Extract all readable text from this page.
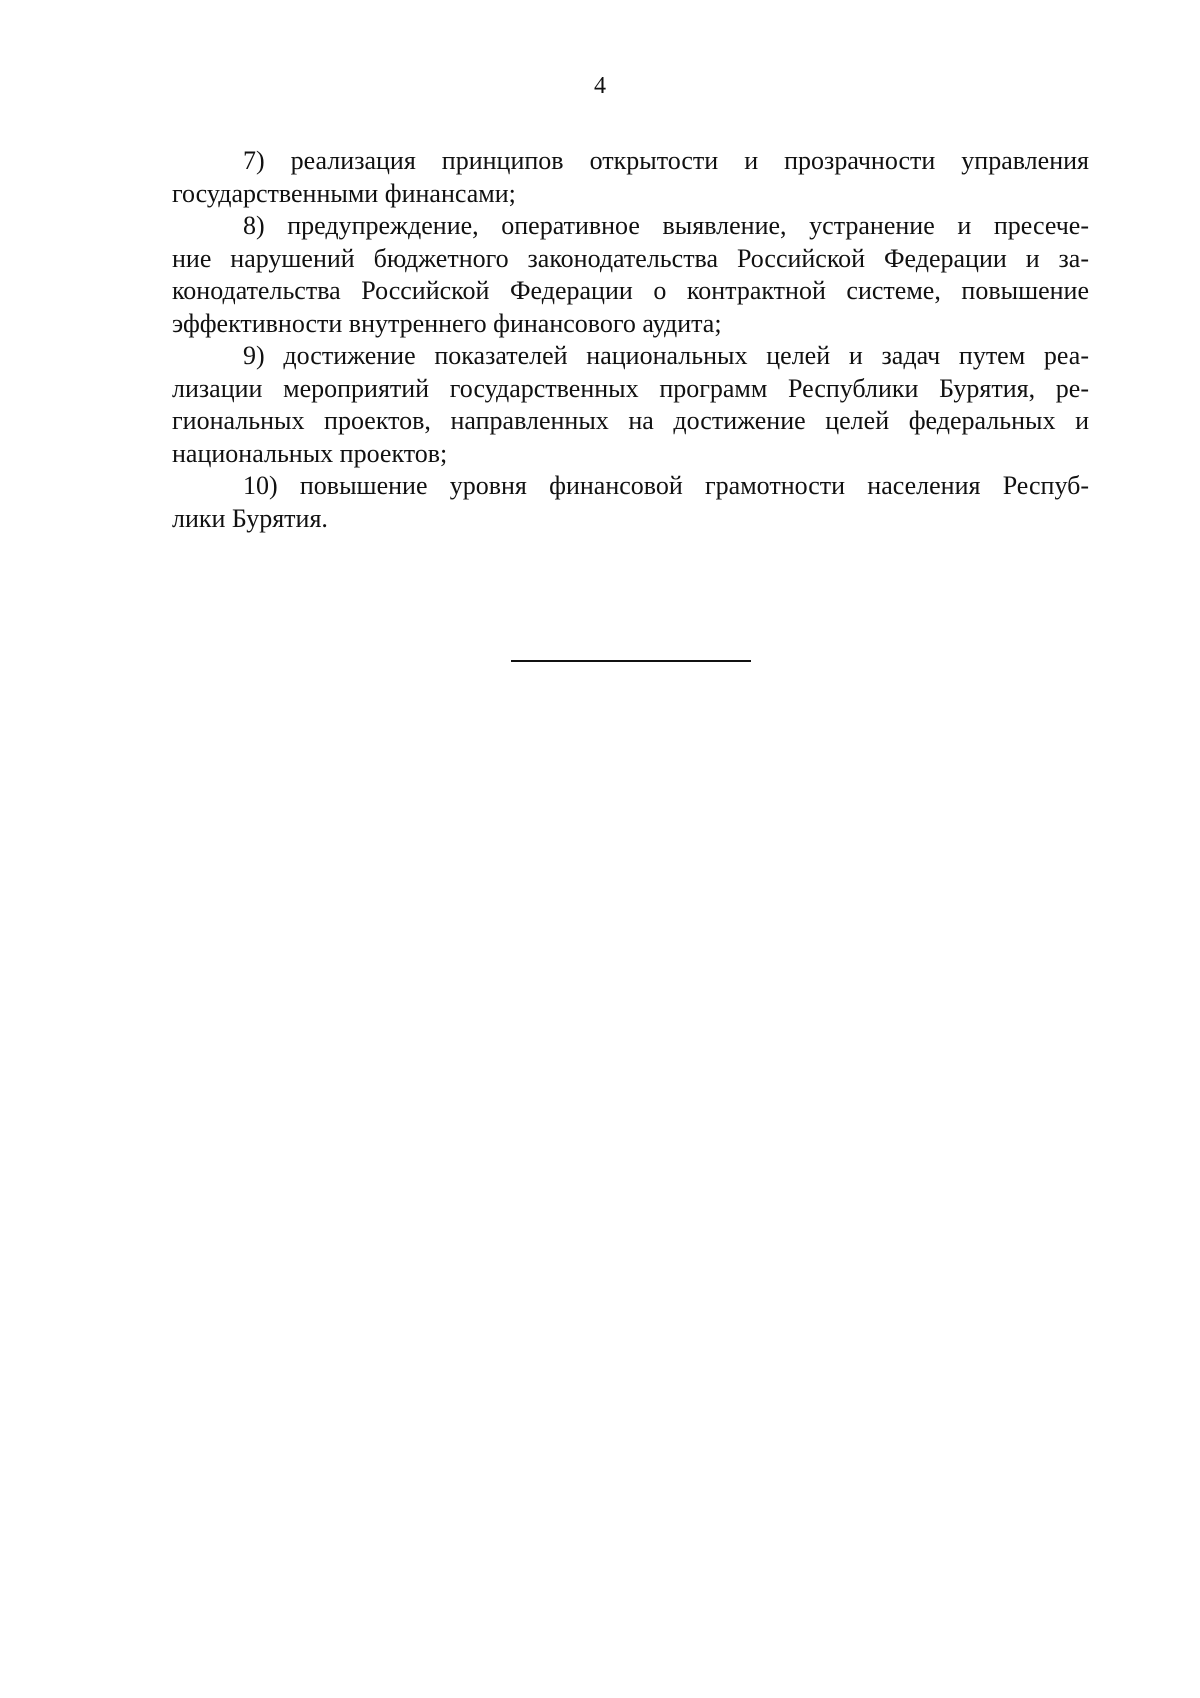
4
7) реализация принципов открытости и прозрачности управления
государственными финансами;
8) предупреждение, оперативное выявление, устранение и пресече-
ние нарушений бюджетного законодательства Российской Федерации и за-
конодательства Российской Федерации о контрактной системе, повышение
эффективности внутреннего финансового аудита;
9) достижение показателей национальных целей и задач путем реа-
лизации мероприятий государственных программ Республики Бурятия, ре-
гиональных проектов, направленных на достижение целей федеральных и
национальных проектов;
10) повышение уровня финансовой грамотности населения Респуб-
лики Бурятия.
